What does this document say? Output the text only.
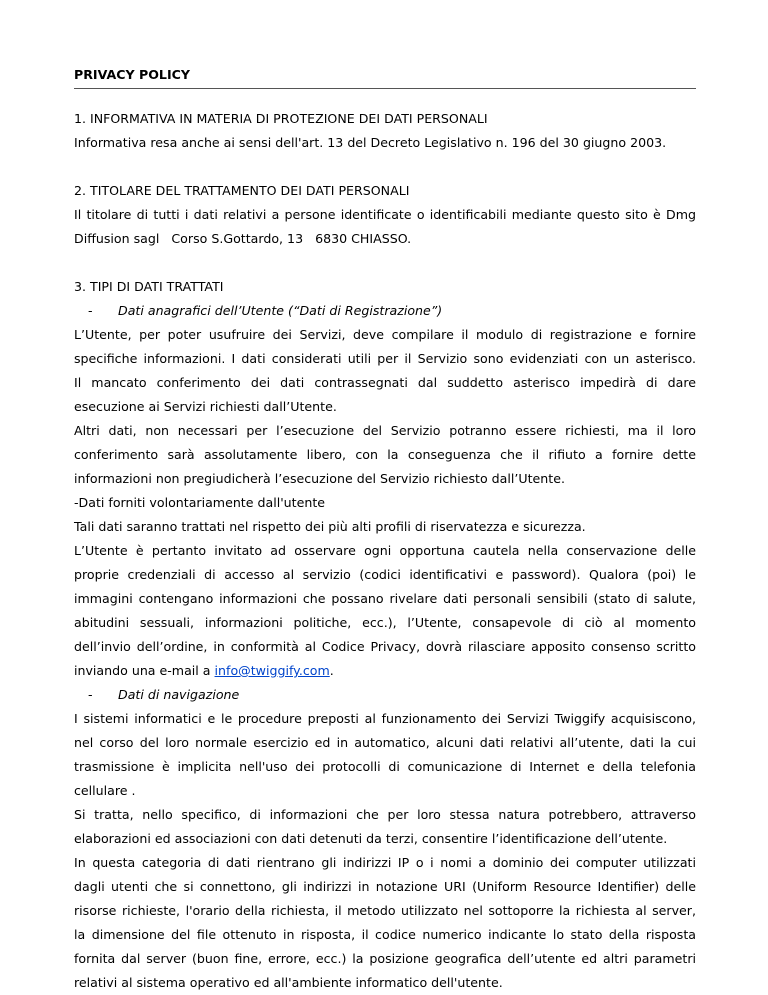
PRIVACY POLICY
1. INFORMATIVA IN MATERIA DI PROTEZIONE DEI DATI PERSONALI
Informativa resa anche ai sensi dell'art. 13 del Decreto Legislativo n. 196 del 30 giugno 2003.
2. TITOLARE DEL TRATTAMENTO DEI DATI PERSONALI
Il titolare di tutti i dati relativi a persone identificate o identificabili mediante questo sito è Dmg
Diffusion sagl Corso S.Gottardo, 13 6830 CHIASSO.
3. TIPI DI DATI TRATTATI
- Dati anagrafici dell’Utente (“Dati di Registrazione”)
L’Utente, per poter usufruire dei Servizi, deve compilare il modulo di registrazione e fornire
specifiche informazioni. I dati considerati utili per il Servizio sono evidenziati con un asterisco.
Il mancato conferimento dei dati contrassegnati dal suddetto asterisco impedirà di dare
esecuzione ai Servizi richiesti dall’Utente.
Altri dati, non necessari per l’esecuzione del Servizio potranno essere richiesti, ma il loro
conferimento sarà assolutamente libero, con la conseguenza che il rifiuto a fornire dette
informazioni non pregiudicherà l’esecuzione del Servizio richiesto dall’Utente.
-Dati forniti volontariamente dall'utente
Tali dati saranno trattati nel rispetto dei più alti profili di riservatezza e sicurezza.
L’Utente è pertanto invitato ad osservare ogni opportuna cautela nella conservazione delle
proprie credenziali di accesso al servizio (codici identificativi e password). Qualora (poi) le
immagini contengano informazioni che possano rivelare dati personali sensibili (stato di salute,
abitudini sessuali, informazioni politiche, ecc.), l’Utente, consapevole di ciò al momento
dell’invio dell’ordine, in conformità al Codice Privacy, dovrà rilasciare apposito consenso scritto
inviando una e-mail a info@twiggify.com.
- Dati di navigazione
I sistemi informatici e le procedure preposti al funzionamento dei Servizi Twiggify acquisiscono,
nel corso del loro normale esercizio ed in automatico, alcuni dati relativi all’utente, dati la cui
trasmissione è implicita nell'uso dei protocolli di comunicazione di Internet e della telefonia
cellulare .
Si tratta, nello specifico, di informazioni che per loro stessa natura potrebbero, attraverso
elaborazioni ed associazioni con dati detenuti da terzi, consentire l’identificazione dell’utente.
In questa categoria di dati rientrano gli indirizzi IP o i nomi a dominio dei computer utilizzati
dagli utenti che si connettono, gli indirizzi in notazione URI (Uniform Resource Identifier) delle
risorse richieste, l'orario della richiesta, il metodo utilizzato nel sottoporre la richiesta al server,
la dimensione del file ottenuto in risposta, il codice numerico indicante lo stato della risposta
fornita dal server (buon fine, errore, ecc.) la posizione geografica dell’utente ed altri parametri
relativi al sistema operativo ed all'ambiente informatico dell'utente.
